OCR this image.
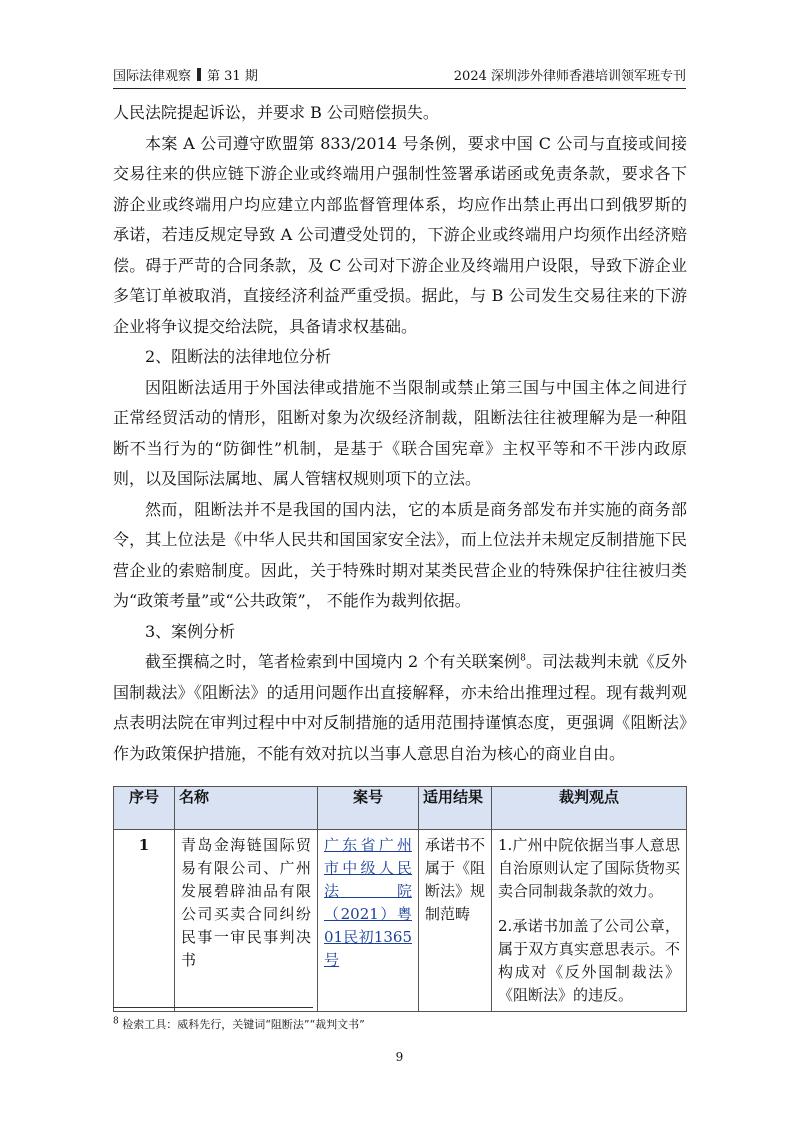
国际法律观察 第 31 期	2024 深圳涉外律师香港培训领军班专刊

人民法院提起诉讼，并要求 B 公司赔偿损失。

本案 A 公司遵守欧盟第 833/2014 号条例，要求中国 C 公司与直接或间接交易往来的供应链下游企业或终端用户强制性签署承诺函或免责条款，要求各下游企业或终端用户均应建立内部监督管理体系，均应作出禁止再出口到俄罗斯的承诺，若违反规定导致 A 公司遭受处罚的，下游企业或终端用户均须作出经济赔偿。碍于严苛的合同条款，及 C 公司对下游企业及终端用户设限，导致下游企业多笔订单被取消，直接经济利益严重受损。据此，与 B 公司发生交易往来的下游企业将争议提交给法院，具备请求权基础。

2、阻断法的法律地位分析

因阻断法适用于外国法律或措施不当限制或禁止第三国与中国主体之间进行正常经贸活动的情形，阻断对象为次级经济制裁，阻断法往往被理解为是一种阻断不当行为的“防御性”机制，是基于《联合国宪章》主权平等和不干涉内政原则，以及国际法属地、属人管辖权规则项下的立法。

然而，阻断法并不是我国的国内法，它的本质是商务部发布并实施的商务部令，其上位法是《中华人民共和国国家安全法》，而上位法并未规定反制措施下民营企业的索赔制度。因此，关于特殊时期对某类民营企业的特殊保护往往被归类为“政策考量”或“公共政策”， 不能作为裁判依据。

3、案例分析

截至撰稿之时，笔者检索到中国境内 2 个有关联案例$^8$。司法裁判未就《反外国制裁法》《阻断法》的适用问题作出直接解释，亦未给出推理过程。现有裁判观点表明法院在审判过程中中对反制措施的适用范围持谨慎态度，更强调《阻断法》作为政策保护措施，不能有效对抗以当事人意思自治为核心的商业自由。

序号	名称	案号	适用结果	裁判观点
1	青岛金海链国际贸易有限公司、广州发展碧辟油品有限公司买卖合同纠纷民事一审民事判决书	广东省广州市中级人民法院（2021）粤01民初1365号	承诺书不属于《阻断法》规制范畴	1.广州中院依据当事人意思自治原则认定了国际货物买卖合同制裁条款的效力。
2.承诺书加盖了公司公章，属于双方真实意思表示。不构成对《反外国制裁法》《阻断法》的违反。
$^8$ 检索工具：威科先行，关键词“阻断法”“裁判文书”
9
